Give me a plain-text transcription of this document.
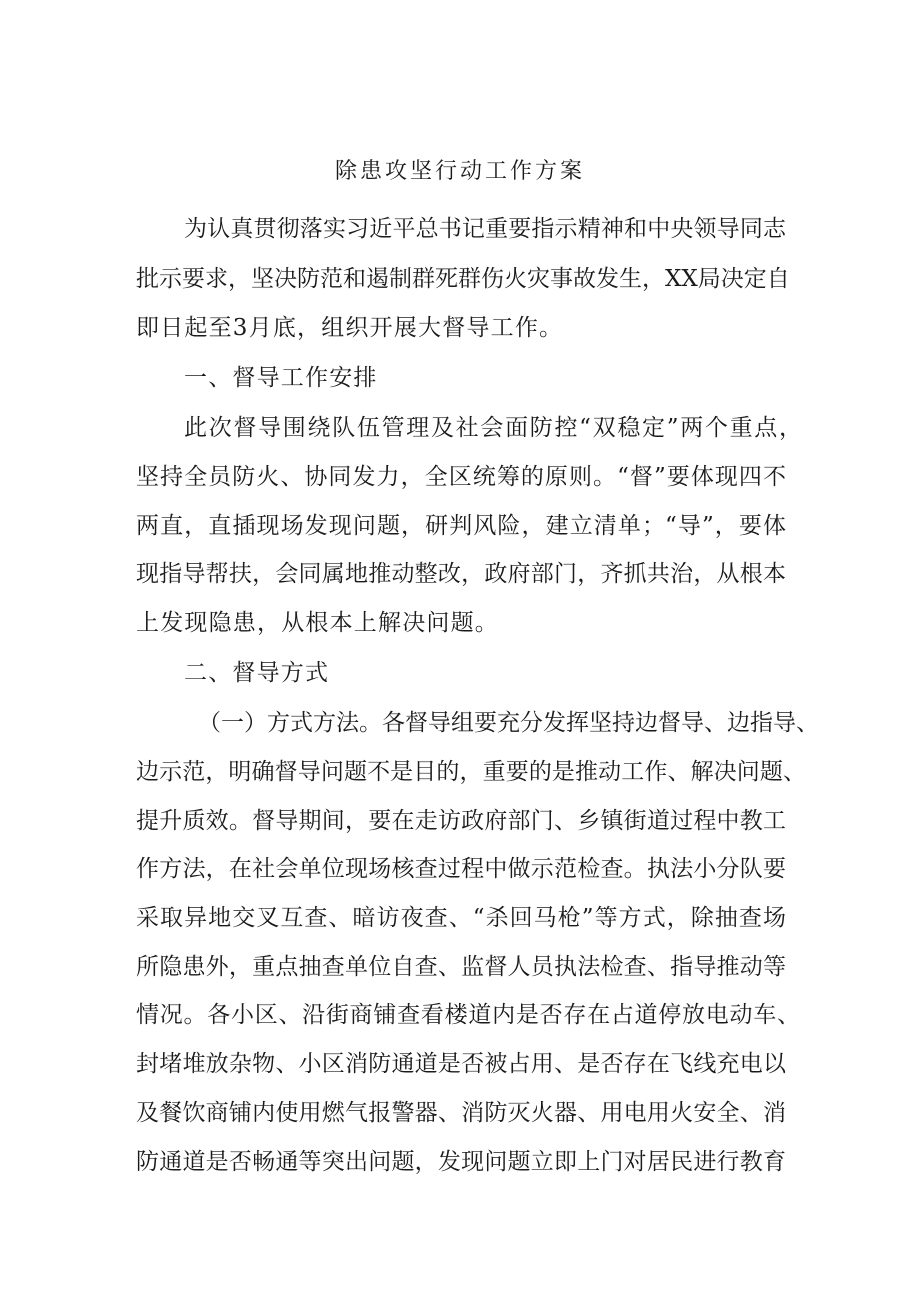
除患攻坚行动工作方案
为认真贯彻落实习近平总书记重要指示精神和中央领导同志
批示要求，坚决防范和遏制群死群伤火灾事故发生，XX局决定自
即日起至3月底，组织开展大督导工作。
一、督导工作安排
此次督导围绕队伍管理及社会面防控“双稳定”两个重点，
坚持全员防火、协同发力，全区统筹的原则。“督”要体现四不
两直，直插现场发现问题，研判风险，建立清单；“导”，要体
现指导帮扶，会同属地推动整改，政府部门，齐抓共治，从根本
上发现隐患，从根本上解决问题。
二、督导方式
（一）方式方法。各督导组要充分发挥坚持边督导、边指导、
边示范，明确督导问题不是目的，重要的是推动工作、解决问题、
提升质效。督导期间，要在走访政府部门、乡镇街道过程中教工
作方法，在社会单位现场核查过程中做示范检查。执法小分队要
采取异地交叉互查、暗访夜查、“杀回马枪”等方式，除抽查场
所隐患外，重点抽查单位自查、监督人员执法检查、指导推动等
情况。各小区、沿街商铺查看楼道内是否存在占道停放电动车、
封堵堆放杂物、小区消防通道是否被占用、是否存在飞线充电以
及餐饮商铺内使用燃气报警器、消防灭火器、用电用火安全、消
防通道是否畅通等突出问题，发现问题立即上门对居民进行教育
